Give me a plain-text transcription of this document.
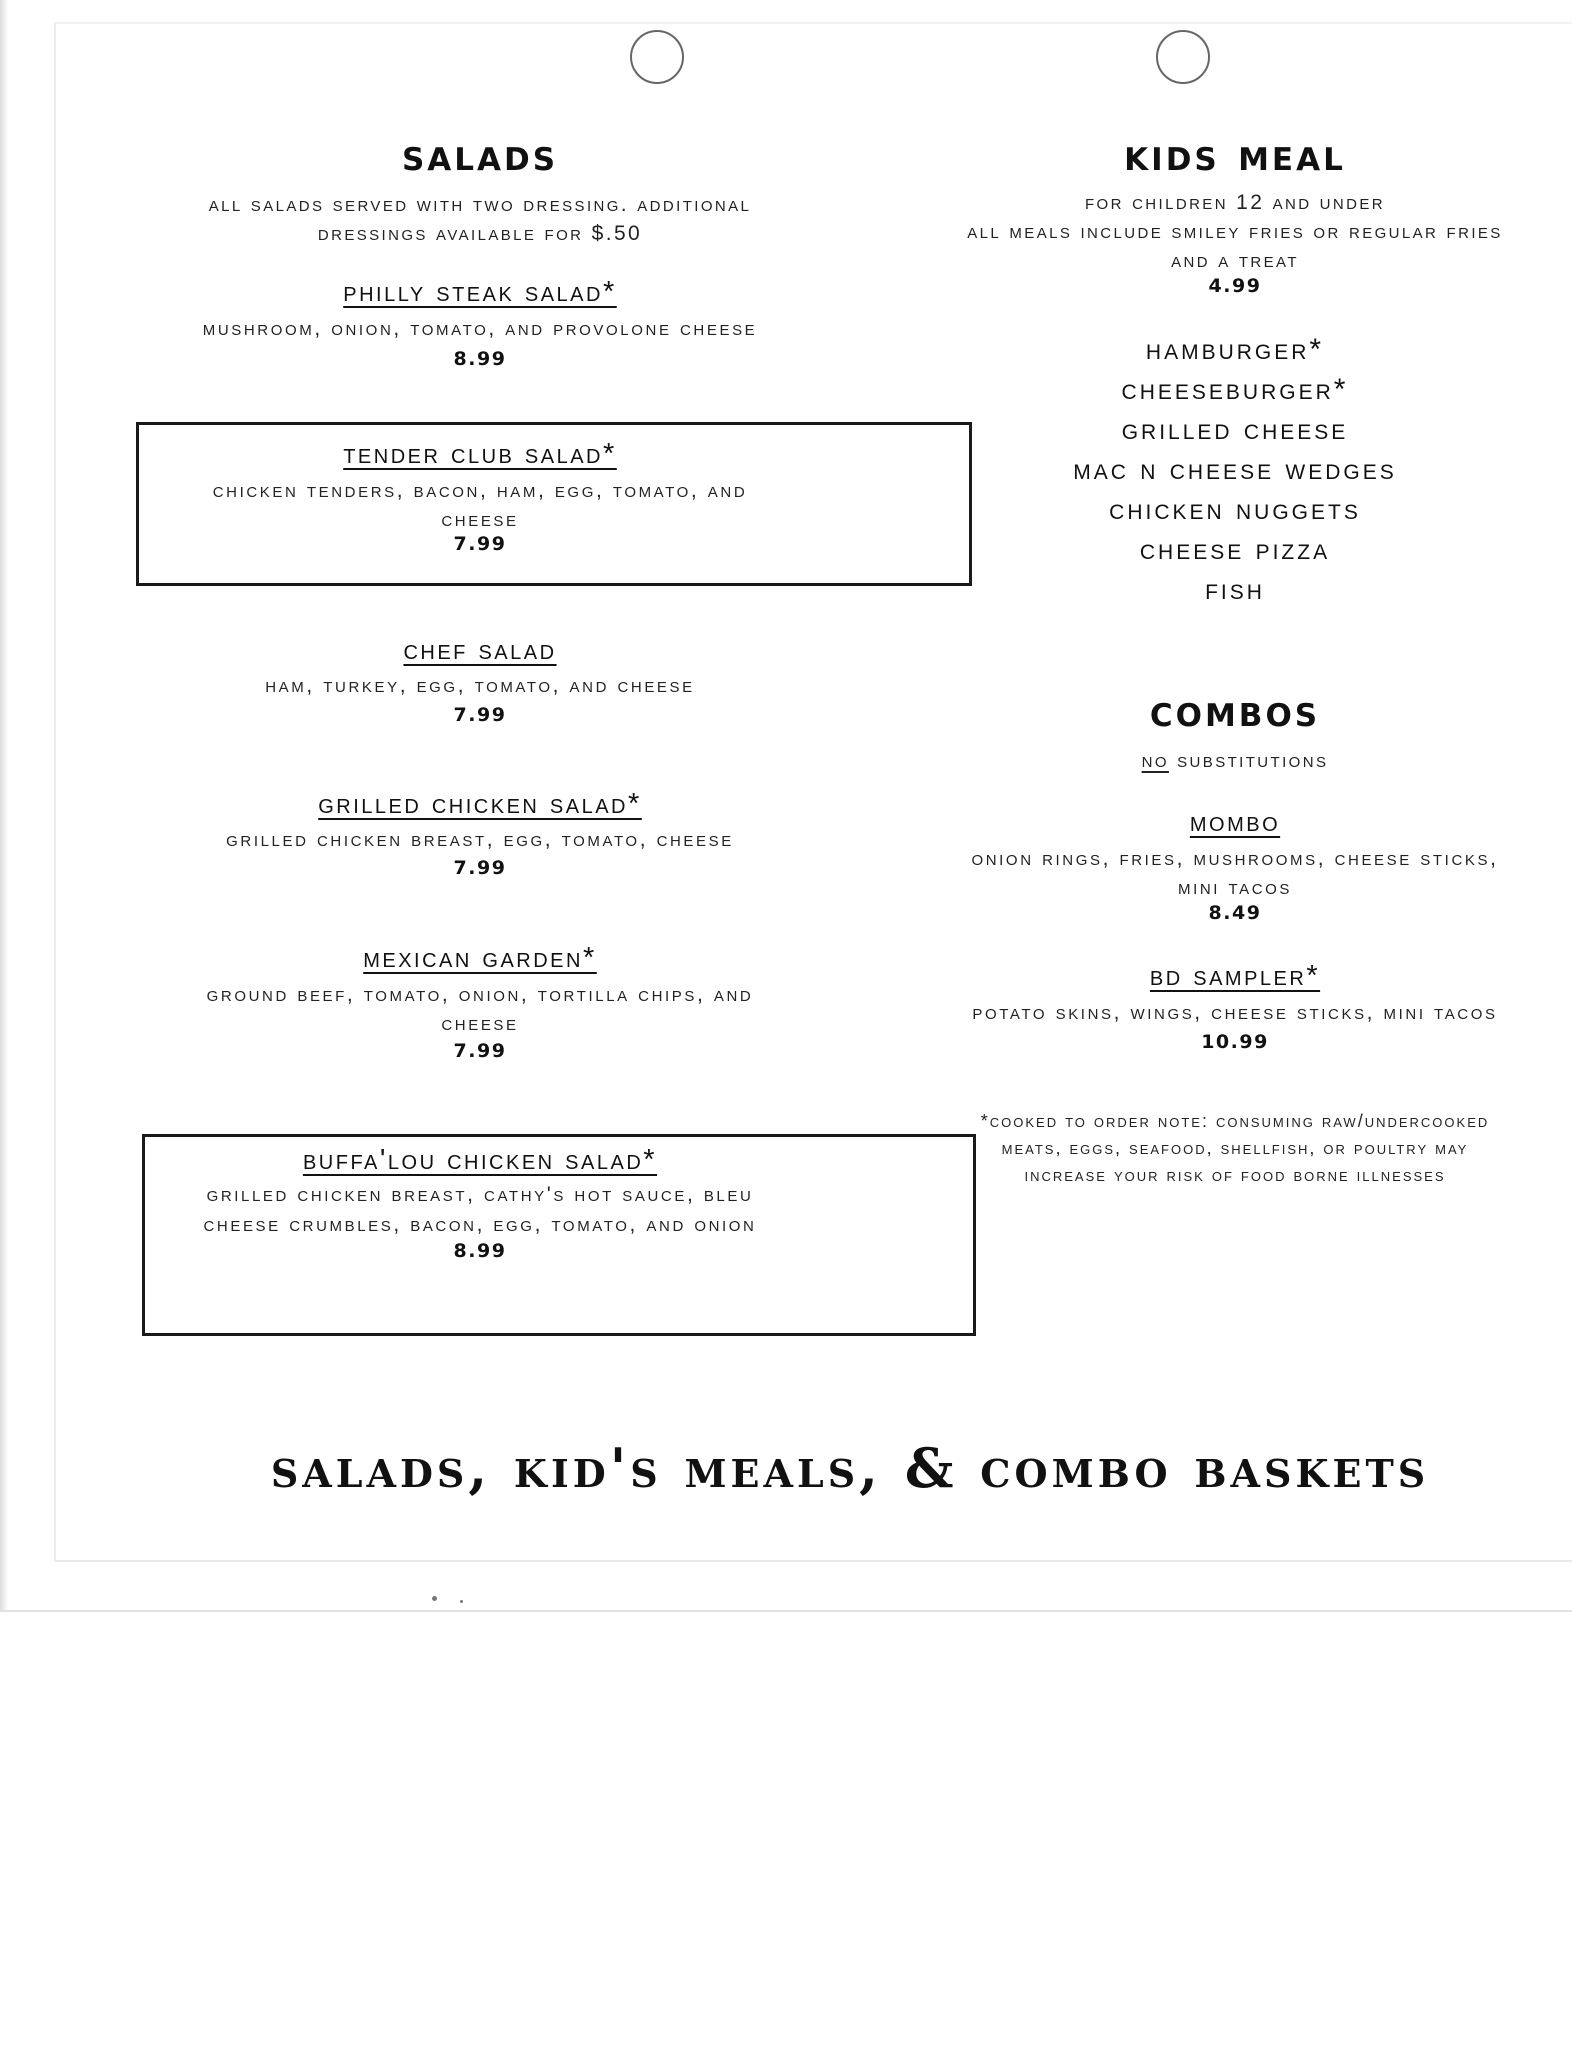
salads
all salads served with two dressing. additional
dressings available for $.50
philly steak salad*
mushroom, onion, tomato, and provolone cheese
8.99
tender club salad*
chicken tenders, bacon, ham, egg, tomato, and
cheese
7.99
chef salad
ham, turkey, egg, tomato, and cheese
7.99
grilled chicken salad*
grilled chicken breast, egg, tomato, cheese
7.99
mexican garden*
ground beef, tomato, onion, tortilla chips, and
cheese
7.99
buffa'lou chicken salad*
grilled chicken breast, cathy's hot sauce, bleu
cheese crumbles, bacon, egg, tomato, and onion
8.99
kids meal
for children 12 and under
all meals include smiley fries or regular fries
and a treat
4.99
hamburger*
cheeseburger*
grilled cheese
mac n cheese wedges
chicken nuggets
cheese pizza
fish
combos
no substitutions
mombo
onion rings, fries, mushrooms, cheese sticks,
mini tacos
8.49
bd sampler*
potato skins, wings, cheese sticks, mini tacos
10.99
*cooked to order note: consuming raw/undercooked
meats, eggs, seafood, shellfish, or poultry may
increase your risk of food borne illnesses
salads, kid's meals, & combo baskets
